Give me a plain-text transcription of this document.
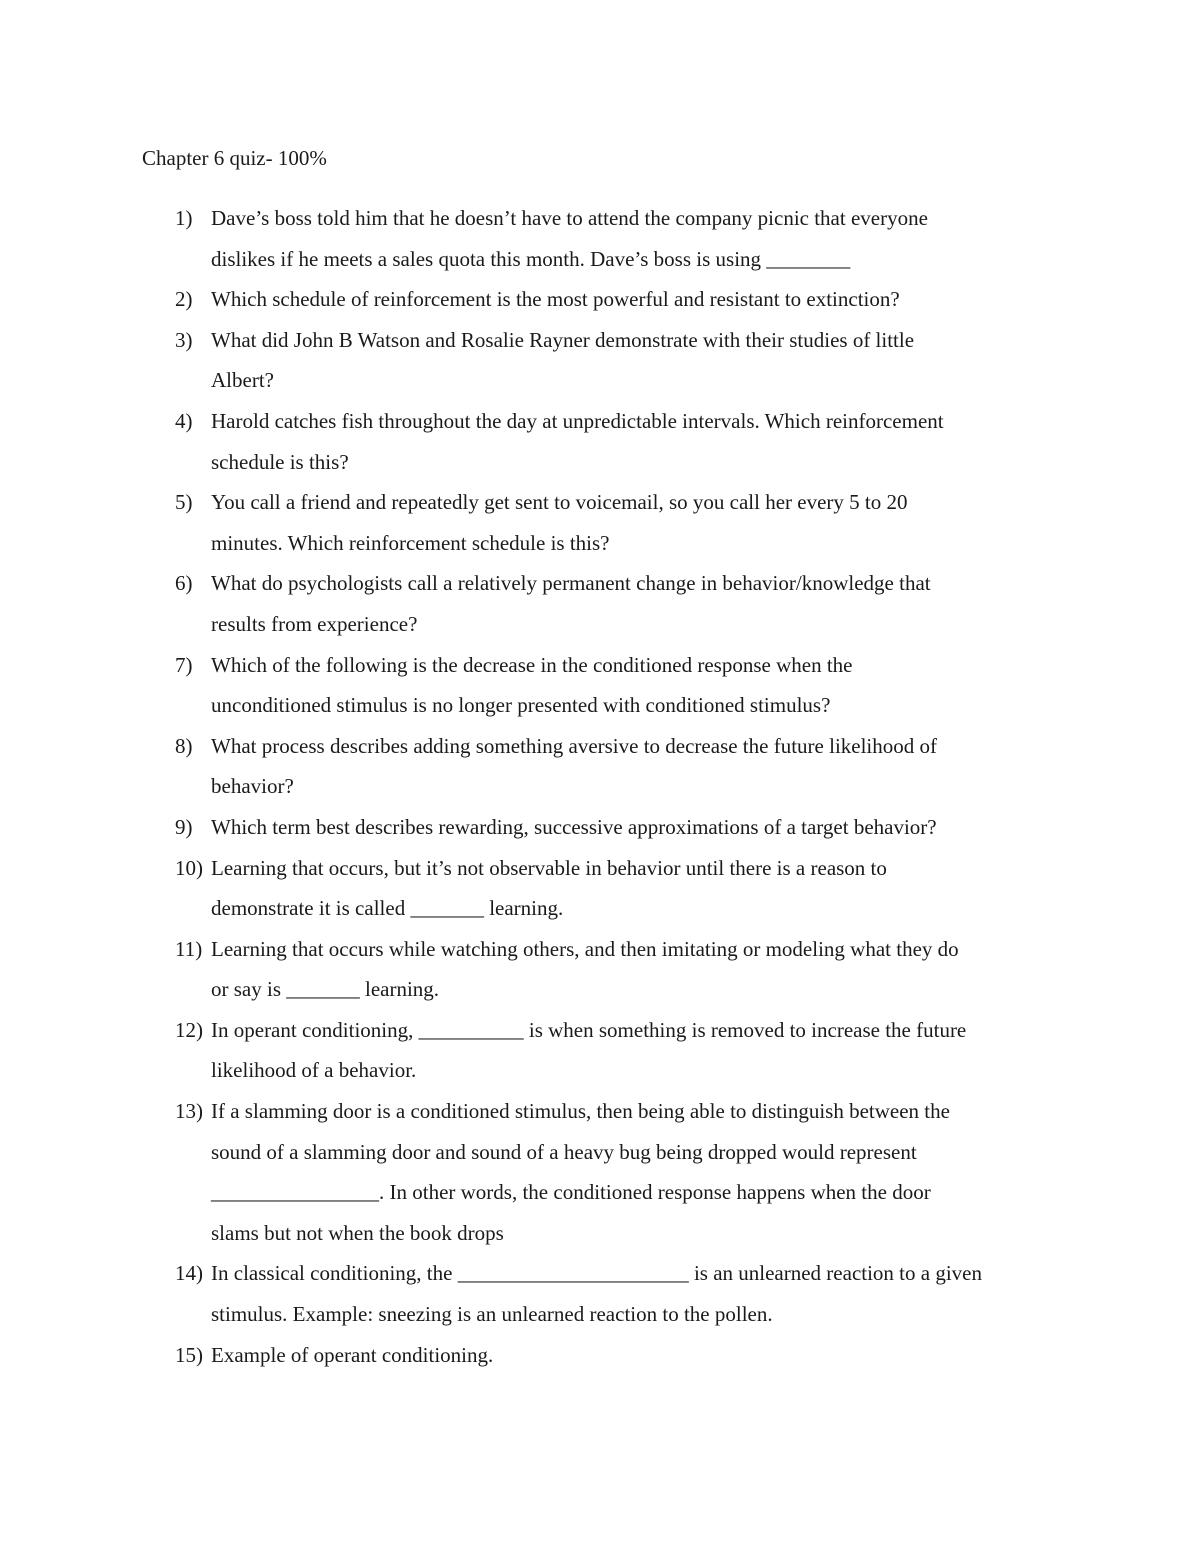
Chapter 6 quiz- 100%
1) Dave’s boss told him that he doesn’t have to attend the company picnic that everyone
dislikes if he meets a sales quota this month. Dave’s boss is using ________
2) Which schedule of reinforcement is the most powerful and resistant to extinction?
3) What did John B Watson and Rosalie Rayner demonstrate with their studies of little
Albert?
4) Harold catches fish throughout the day at unpredictable intervals. Which reinforcement
schedule is this?
5) You call a friend and repeatedly get sent to voicemail, so you call her every 5 to 20
minutes. Which reinforcement schedule is this?
6) What do psychologists call a relatively permanent change in behavior/knowledge that
results from experience?
7) Which of the following is the decrease in the conditioned response when the
unconditioned stimulus is no longer presented with conditioned stimulus?
8) What process describes adding something aversive to decrease the future likelihood of
behavior?
9) Which term best describes rewarding, successive approximations of a target behavior?
10) Learning that occurs, but it’s not observable in behavior until there is a reason to
demonstrate it is called _______ learning.
11) Learning that occurs while watching others, and then imitating or modeling what they do
or say is _______ learning.
12) In operant conditioning, __________ is when something is removed to increase the future
likelihood of a behavior.
13) If a slamming door is a conditioned stimulus, then being able to distinguish between the
sound of a slamming door and sound of a heavy bug being dropped would represent
________________. In other words, the conditioned response happens when the door
slams but not when the book drops
14) In classical conditioning, the ______________________ is an unlearned reaction to a given
stimulus. Example: sneezing is an unlearned reaction to the pollen.
15) Example of operant conditioning.
